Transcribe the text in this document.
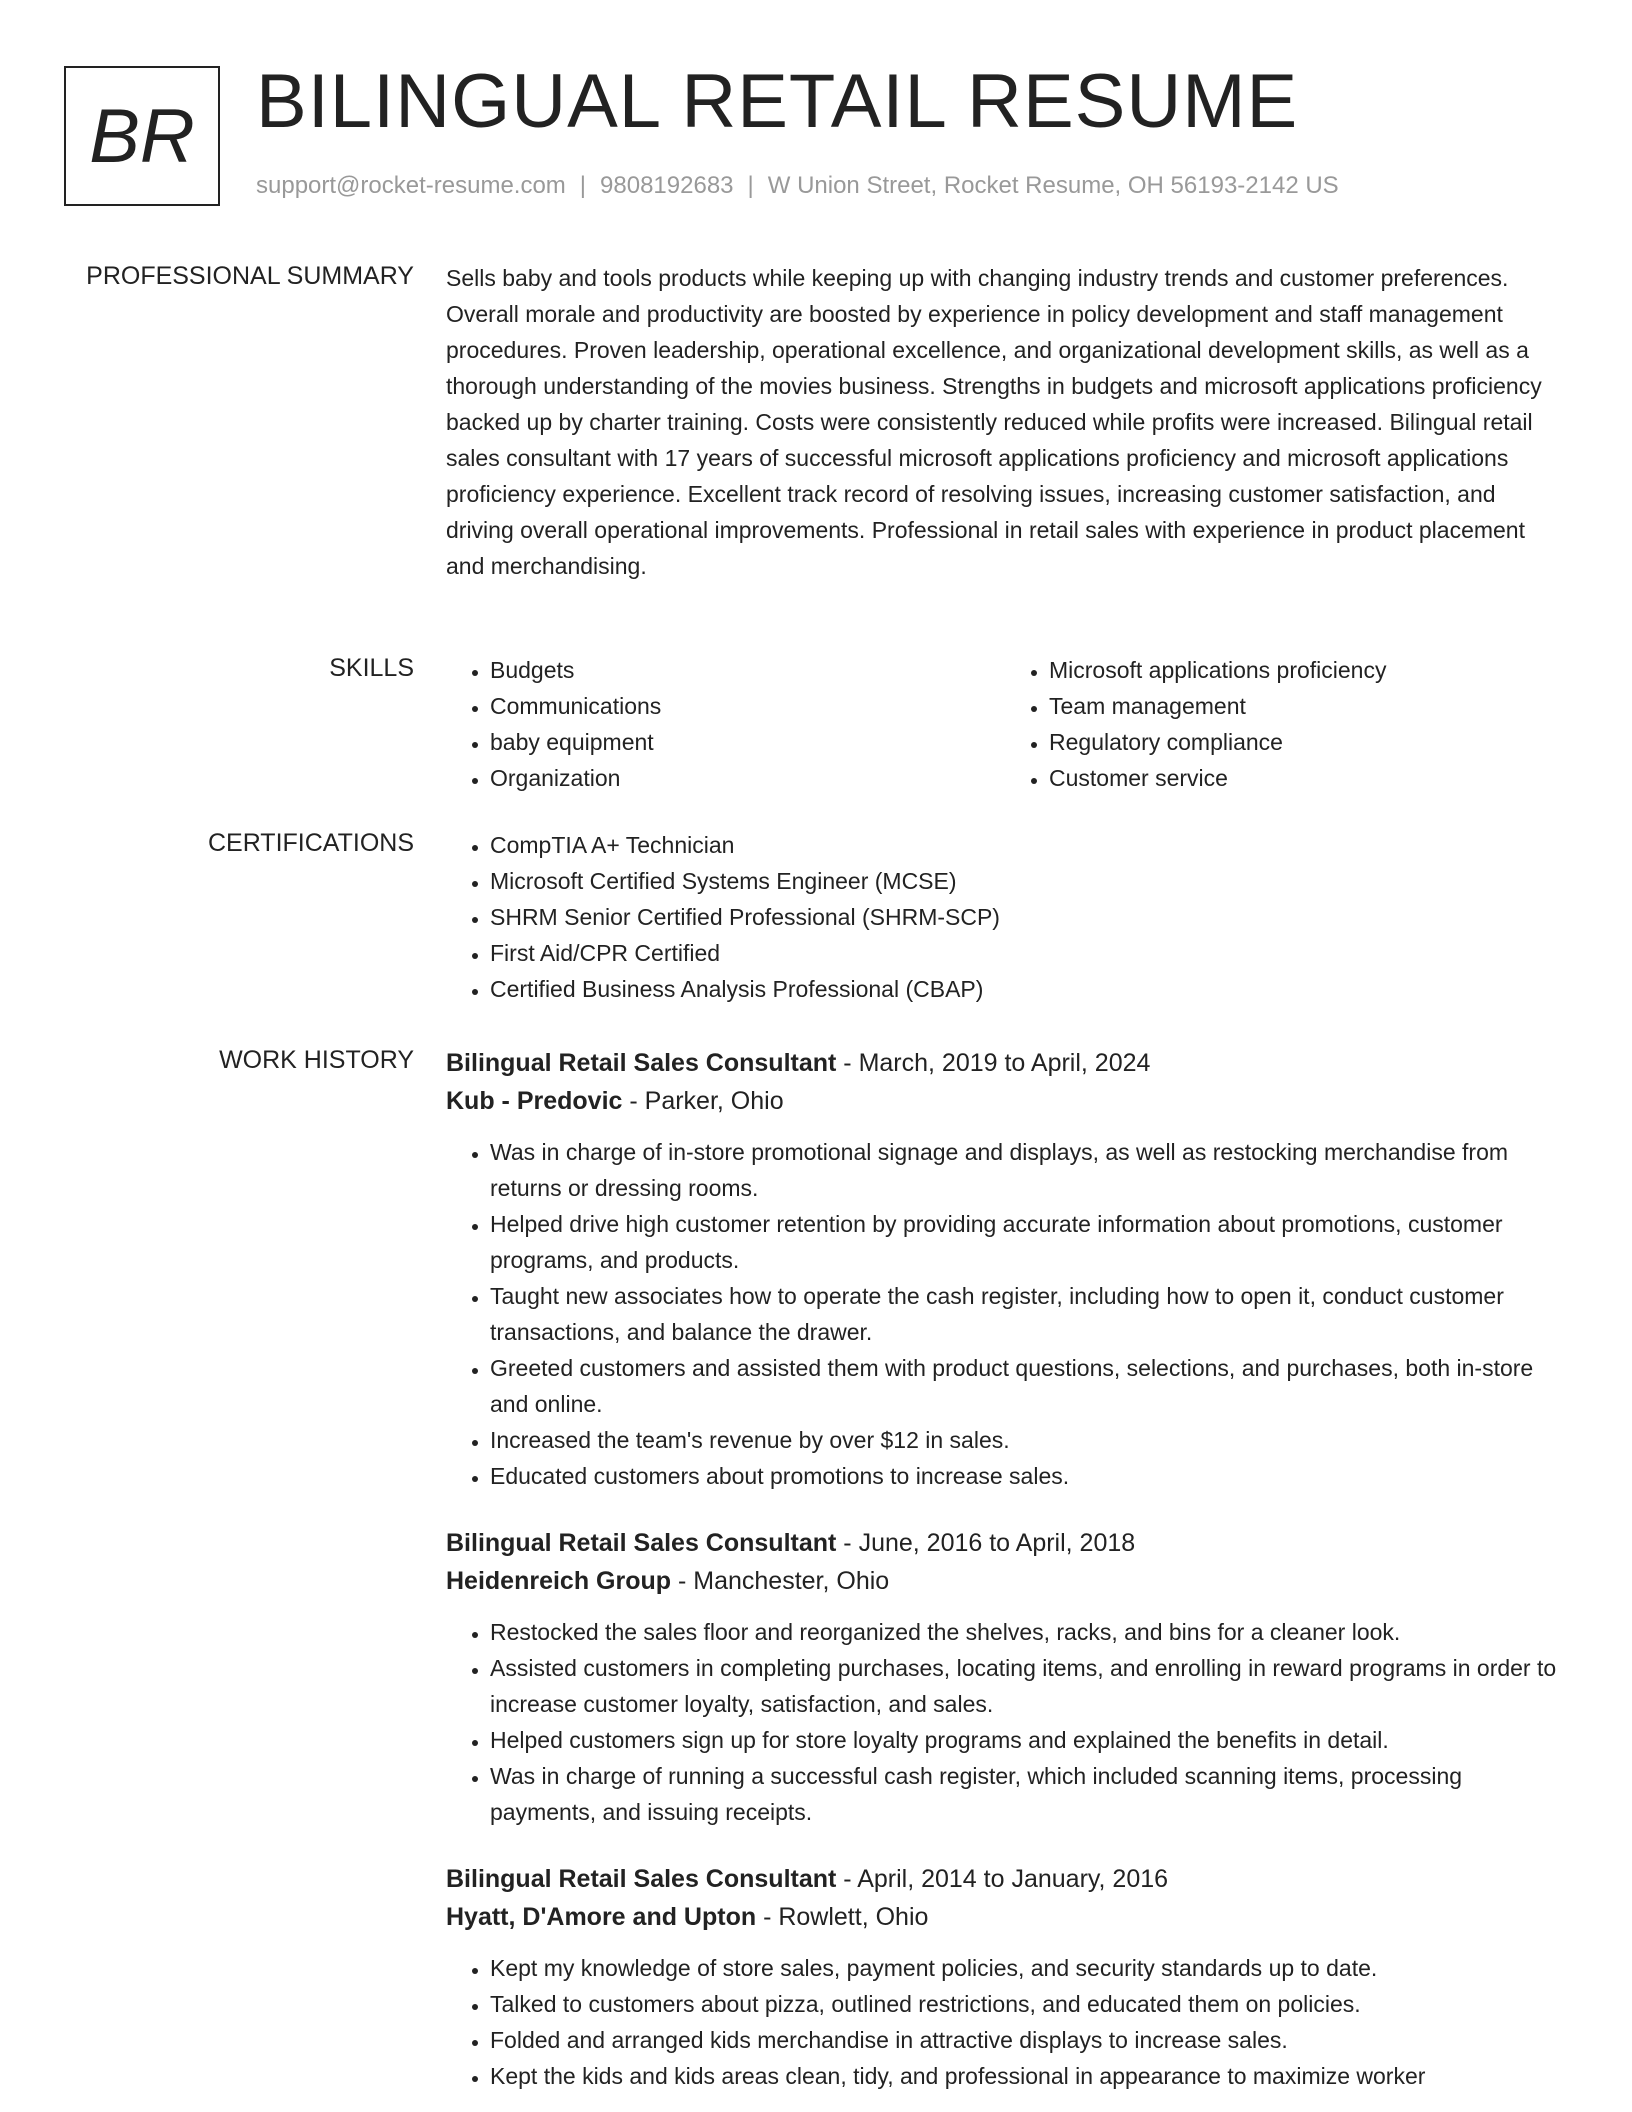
BR BILINGUAL RETAIL RESUME
support@rocket-resume.com | 9808192683 | W Union Street, Rocket Resume, OH 56193-2142 US
PROFESSIONAL SUMMARY Sells baby and tools products while keeping up with changing industry trends and customer preferences. Overall morale and productivity are boosted by experience in policy development and staff management procedures. Proven leadership, operational excellence, and organizational development skills, as well as a thorough understanding of the movies business. Strengths in budgets and microsoft applications proficiency backed up by charter training. Costs were consistently reduced while profits were increased. Bilingual retail sales consultant with 17 years of successful microsoft applications proficiency and microsoft applications proficiency experience. Excellent track record of resolving issues, increasing customer satisfaction, and driving overall operational improvements. Professional in retail sales with experience in product placement and merchandising.

SKILLS	• Budgets
• Communications
• baby equipment
• Organization
• Microsoft applications proficiency
• Team management
• Regulatory compliance
• Customer service
CERTIFICATIONS	• CompTIA A+ Technician
• Microsoft Certified Systems Engineer (MCSE)
• SHRM Senior Certified Professional (SHRM-SCP)
• First Aid/CPR Certified
• Certified Business Analysis Professional (CBAP)
WORK HISTORY Bilingual Retail Sales Consultant - March, 2019 to April, 2024
Kub - Predovic - Parker, Ohio
• Was in charge of in-store promotional signage and displays, as well as restocking merchandise from returns or dressing rooms.
• Helped drive high customer retention by providing accurate information about promotions, customer programs, and products.
• Taught new associates how to operate the cash register, including how to open it, conduct customer transactions, and balance the drawer.
• Greeted customers and assisted them with product questions, selections, and purchases, both in-store and online.
• Increased the team's revenue by over $12 in sales.
• Educated customers about promotions to increase sales.
Bilingual Retail Sales Consultant - June, 2016 to April, 2018
Heidenreich Group - Manchester, Ohio
• Restocked the sales floor and reorganized the shelves, racks, and bins for a cleaner look.
• Assisted customers in completing purchases, locating items, and enrolling in reward programs in order to increase customer loyalty, satisfaction, and sales.
• Helped customers sign up for store loyalty programs and explained the benefits in detail.
• Was in charge of running a successful cash register, which included scanning items, processing payments, and issuing receipts.
Bilingual Retail Sales Consultant - April, 2014 to January, 2016
Hyatt, D'Amore and Upton - Rowlett, Ohio
• Kept my knowledge of store sales, payment policies, and security standards up to date.
• Talked to customers about pizza, outlined restrictions, and educated them on policies.
• Folded and arranged kids merchandise in attractive displays to increase sales.
• Kept the kids and kids areas clean, tidy, and professional in appearance to maximize worker
